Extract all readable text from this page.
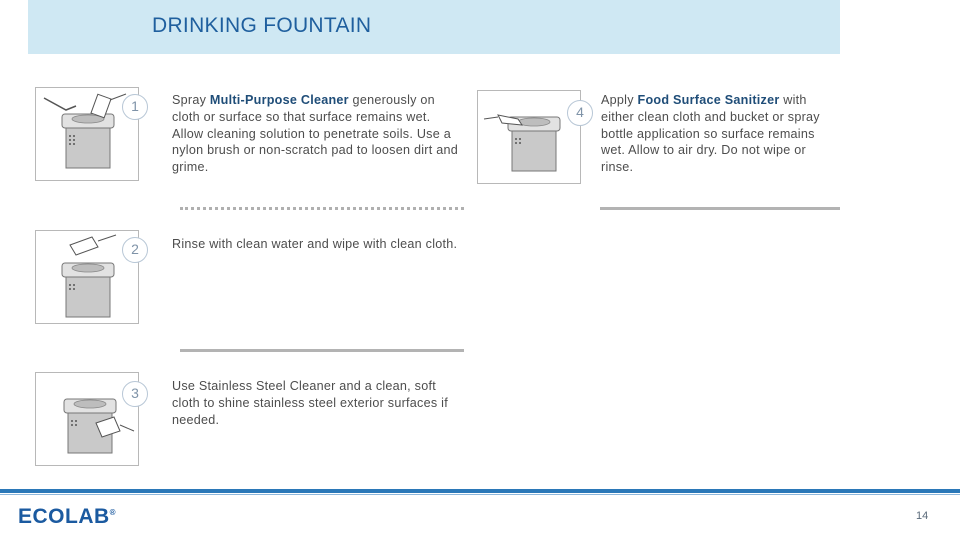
DRINKING FOUNTAIN
1	Spray Multi-Purpose Cleaner generously on cloth or surface so that surface remains wet. Allow cleaning solution to penetrate soils. Use a nylon brush or non-scratch pad to loosen dirt and grime.
2	Rinse with clean water and wipe with clean cloth.
3	Use Stainless Steel Cleaner and a clean, soft cloth to shine stainless steel exterior surfaces if needed.
4
Apply Food Surface Sanitizer with either clean cloth and bucket or spray bottle application so surface remains wet. Allow to air dry. Do not wipe or rinse.
ECOLAB®	14
